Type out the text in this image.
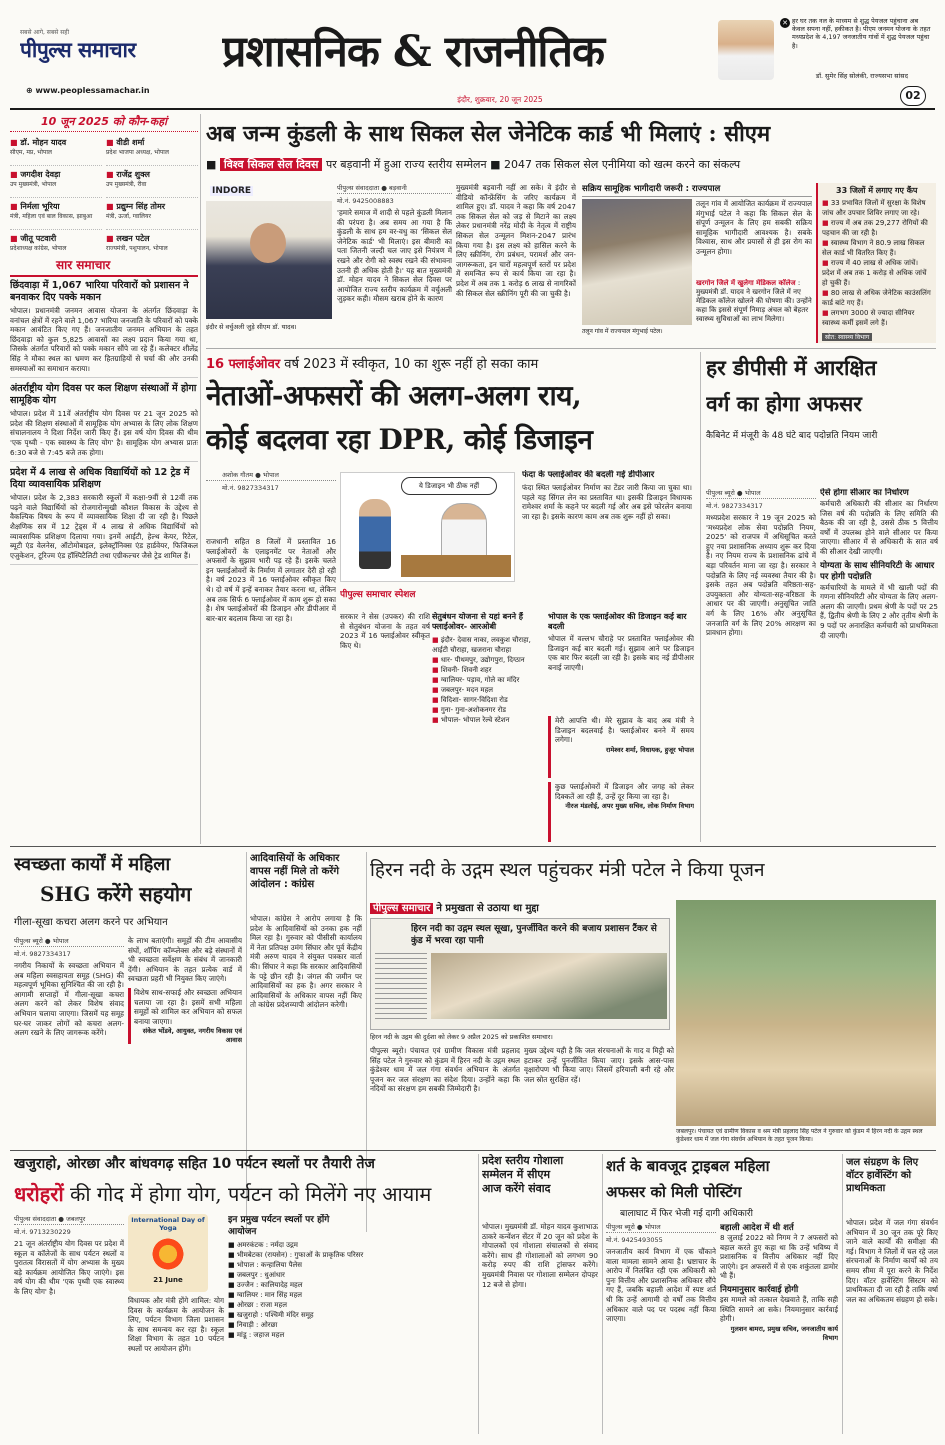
सबसे आगे, सबसे सही
पीपुल्स समाचार
⊕ www.peoplessamachar.in
प्रशासनिक & राजनीतिक
इंदौर, शुक्रवार, 20 जून 2025
✕ हर घर तक नल के माध्यम से शुद्ध पेयजल पहुंचाना अब केवल सपना नहीं, हकीकत है। पीएम जनमन योजना के तहत मध्यप्रदेश के 4,197 जनजातीय गांवों में शुद्ध पेयजल पहुंचा है।
डॉ. सुमेर सिंह सोलंकी, राज्यसभा सांसद
02
10 जून 2025 को कौन-कहां
■ डॉ. मोहन यादव
सीएम, मप्र, भोपाल
■ वीडी शर्मा
प्रदेश भाजपा अध्यक्ष, भोपाल
■ जगदीश देवड़ा
उप मुख्यमंत्री, भोपाल
■ राजेंद्र शुक्ल
उप मुख्यमंत्री, रीवा
■ निर्मला भूरिया
मंत्री, महिला एवं बाल विकास, झाबुआ
■ प्रद्युम्न सिंह तोमर
मंत्री, ऊर्जा, ग्वालियर
■ जीतू पटवारी
प्रदेशाध्यक्ष कांग्रेस, भोपाल
■ लखन पटेल
राज्यमंत्री, पशुपालन, भोपाल
सार समाचार
छिंदवाड़ा में 1,067 भारिया परिवारों को प्रशासन ने बनवाकर दिए पक्के मकान
भोपाल। प्रधानमंत्री जनमन आवास योजना के अंतर्गत छिंदवाड़ा के वनांचल क्षेत्रों में रहने वाले 1,067 भारिया जनजाति के परिवारों को पक्के मकान आवंटित किए गए हैं। जनजातीय जनमन अभियान के तहत छिंदवाड़ा को कुल 5,825 आवासों का लक्ष्य प्रदान किया गया था, जिसके अंतर्गत परिवारों को पक्के मकान सौंपे जा रहे हैं। कलेक्टर शीलेंद्र सिंह ने मौका स्थल का भ्रमण कर हितग्राहियों से चर्चा की और उनकी समस्याओं का समाधान कराया।
अंतर्राष्ट्रीय योग दिवस पर कल शिक्षण संस्थाओं में होगा सामूहिक योग
भोपाल। प्रदेश में 11वें अंतर्राष्ट्रीय योग दिवस पर 21 जून 2025 को प्रदेश की शिक्षण संस्थाओं में सामूहिक योग अभ्यास के लिए लोक शिक्षण संचालनालय ने दिशा निर्देश जारी किए हैं। इस वर्ष योग दिवस की थीम 'एक पृथ्वी - एक स्वास्थ्य के लिए योग' है। सामूहिक योग अभ्यास प्रातः 6:30 बजे से 7:45 बजे तक होगा।
प्रदेश में 4 लाख से अधिक विद्यार्थियों को 12 ट्रेड में दिया व्यावसायिक प्रशिक्षण
भोपाल। प्रदेश के 2,383 सरकारी स्कूलों में कक्षा-9वीं से 12वीं तक पढ़ने वाले विद्यार्थियों को रोजगारोन्मुखी कौशल विकास के उद्देश्य से वैकल्पिक विषय के रूप में व्यावसायिक शिक्षा दी जा रही है। पिछले शैक्षणिक सत्र में 12 ट्रेड्स में 4 लाख से अधिक विद्यार्थियों को व्यावसायिक प्रशिक्षण दिलाया गया। इनमें आईटी, हेल्थ केयर, रिटेल, ब्यूटी एंड वेलनेस, ऑटोमोबाइल, इलेक्ट्रॉनिक्स एंड हार्डवेयर, फिजिकल एजुकेशन, टूरिज्म एंड हॉस्पिटैलिटी तथा एग्रीकल्चर जैसे ट्रेड शामिल हैं।
अब जन्म कुंडली के साथ सिकल सेल जेनेटिक कार्ड भी मिलाएं : सीएम
■ विश्व सिकल सेल दिवस पर बड़वानी में हुआ राज्य स्तरीय सम्मेलन ■ 2047 तक सिकल सेल एनीमिया को खत्म करने का संकल्प
INDORE
इंदौर से वर्चुअली जुड़े सीएम डॉ. यादव।
पीपुल्स संवाददाता ● बड़वानी
मो.नं. 9425008883
'हमारे समाज में शादी से पहले कुंडली मिलान की परंपरा है। अब समय आ गया है कि कुंडली के साथ हम वर-वधु का 'सिकल सेल जेनेटिक कार्ड' भी मिलाएं। इस बीमारी का पता जितनी जल्दी चल जाए इसे नियंत्रण में रखने और रोगी को स्वस्थ रखने की संभावना उतनी ही अधिक होती है।' यह बात मुख्यमंत्री डॉ. मोहन यादव ने सिकल सेल दिवस पर आयोजित राज्य स्तरीय कार्यक्रम में वर्चुअली जुड़कर कही। मौसम खराब होने के कारण
मुख्यमंत्री बड़वानी नहीं आ सके। वे इंदौर से वीडियो कॉन्फ्रेंसिंग के जरिए कार्यक्रम में शामिल हुए। डॉ. यादव ने कहा कि वर्ष 2047 तक सिकल सेल को जड़ से मिटाने का लक्ष्य लेकर प्रधानमंत्री नरेंद्र मोदी के नेतृत्व में राष्ट्रीय सिकल सेल उन्मूलन मिशन-2047 प्रारंभ किया गया है। इस लक्ष्य को हासिल करने के लिए स्क्रीनिंग, रोग प्रबंधन, परामर्श और जन-जागरूकता, इन चारों महत्वपूर्ण स्तरों पर प्रदेश में समन्वित रूप से कार्य किया जा रहा है। प्रदेश में अब तक 1 करोड़ 6 लाख से नागरिकों की सिकल सेल स्क्रीनिंग पूरी की जा चुकी है।
सक्रिय सामूहिक भागीदारी जरूरी : राज्यपाल
तलून गांव में राज्यपाल मंगुभाई पटेल।
तलून गांव में आयोजित कार्यक्रम में राज्यपाल मंगुभाई पटेल ने कहा कि सिकल सेल के संपूर्ण उन्मूलन के लिए हम सबकी सक्रिय सामूहिक भागीदारी आवश्यक है। सबके विश्वास, साथ और प्रयासों से ही इस रोग का उन्मूलन होगा।
खरगोन जिले में खुलेगा मेडिकल कॉलेज : मुख्यमंत्री डॉ. यादव ने खरगोन जिले में नए मेडिकल कॉलेज खोलने की घोषणा की। उन्होंने कहा कि इससे संपूर्ण निमाड़ अंचल को बेहतर स्वास्थ्य सुविधाओं का लाभ मिलेगा।
33 जिलों में लगाए गए कैंप
■ 33 प्रभावित जिलों में सुरक्षा के विशेष जांच और उपचार शिविर लगाए जा रहे।
■ राज्य में अब तक 29,277 रोगियों की पहचान की जा रही है।
■ स्वास्थ्य विभाग ने 80.9 लाख सिकल सेल कार्ड भी वितरित किए हैं।
■ राज्य में 40 लाख से अधिक जांचें। प्रदेश में अब तक 1 करोड़ से अधिक जांचें हो चुकी हैं।
■ 80 लाख से अधिक जेनेटिक काउंसलिंग कार्ड बांटे गए हैं।
■ लगभग 3000 से ज्यादा सीनियर स्वास्थ्य कर्मी इसमें लगे हैं।
स्रोत: स्वास्थ्य विभाग
16 फ्लाईओवर वर्ष 2023 में स्वीकृत, 10 का शुरू नहीं हो सका काम
नेताओं-अफसरों की अलग-अलग राय,
कोई बदलवा रहा DPR, कोई डिजाइन
अशोक गौतम ● भोपाल
मो.नं. 9827334317
राजधानी सहित 8 जिलों में प्रस्तावित 16 फ्लाईओवरों के एलाइनमेंट पर नेताओं और अफसरों के सुझाव भारी पड़ रहे हैं। इसके चलते इन फ्लाईओवरों के निर्माण में लगातार देरी हो रही है। वर्ष 2023 में 16 फ्लाईओवर स्वीकृत किए थे। दो वर्ष में इन्हें बनाकर तैयार करना था, लेकिन अब तक सिर्फ 6 फ्लाईओवर में काम शुरू हो सका है। शेष फ्लाईओवरों की डिजाइन और डीपीआर में बार-बार बदलाव किया जा रहा है।
ये डिजाइन भी ठीक नहीं
पीपुल्स समाचार स्पेशल
सरकार ने सेस (उपकर) की राशि से सेतुबंधन योजना के तहत वर्ष 2023 में 16 फ्लाईओवर स्वीकृत किए थे।
सेतुबंधन योजना से यहां बनने हैं फ्लाईओवर- आरओबी
■ इंदौर- देवास नाका, लवकुश चौराहा, आईटी चौराहा, खजराना चौराहा
■ धार- पीथमपुर, उद्योगपुरा, दिग्ठान
■ शिवनी- शिवनी शहर
■ ग्वालियर- पड़ाव, गोले का मंदिर
■ जबलपुर- मदन महल
■ विदिशा- सागर-विदिशा रोड
■ गुना- गुना-अशोकनगर रोड
■ भोपाल- भोपाल रेल्वे स्टेशन
फंदा के फ्लाईओवर की बदली गई डीपीआर
फंदा स्थित फ्लाईओवर निर्माण का टेंडर जारी किया जा चुका था। पहले यह सिंगल लेन का प्रस्तावित था। इसकी डिजाइन विधायक रामेश्वर शर्मा के कहने पर बदली गई और अब इसे फोरलेन बनाया जा रहा है। इसके कारण काम अब तक शुरू नहीं हो सका।
भोपाल के एक फ्लाईओवर की डिजाइन कई बार बदली
भोपाल में वल्लभ चौराहे पर प्रस्तावित फ्लाईओवर की डिजाइन कई बार बदली गई। सुझाव आने पर डिजाइन एक बार फिर बदली जा रही है। इसके बाद नई डीपीआर बनाई जाएगी।
मेरी आपत्ति थी। मेरे सुझाव के बाद अब मंत्री ने डिजाइन बदलवाई है। फ्लाईओवर बनने में समय लगेगा।
रामेश्वर शर्मा, विधायक, हुजूर भोपाल
कुछ फ्लाईओवरों में डिजाइन और जगह को लेकर दिक्कतें आ रही हैं, उन्हें दूर किया जा रहा है।
नीरज मंडलोई, अपर मुख्य सचिव, लोक निर्माण विभाग
हर डीपीसी में आरक्षित
वर्ग का होगा अफसर
कैबिनेट में मंजूरी के 48 घंटे बाद पदोन्नति नियम जारी
पीपुल्स ब्यूरो ● भोपाल
मो.नं. 9827334317
मध्यप्रदेश सरकार ने 19 जून 2025 को 'मध्यप्रदेश लोक सेवा पदोन्नति नियम, 2025' को राजपत्र में अधिसूचित करते हुए नया प्रशासनिक अध्याय शुरू कर दिया है। नए नियम राज्य के प्रशासनिक ढांचे में बड़ा परिवर्तन माना जा रहा है। सरकार ने पदोन्नति के लिए नई व्यवस्था तैयार की है। इसके तहत अब पदोन्नति वरिष्ठता-सह-उपयुक्तता और योग्यता-सह-वरिष्ठता के आधार पर की जाएगी। अनुसूचित जाति वर्ग के लिए 16% और अनुसूचित जनजाति वर्ग के लिए 20% आरक्षण का प्रावधान होगा।
ऐसे होगा सीआर का निर्धारण
कर्मचारी अधिकारी की सीआर का निर्धारण जिस वर्ष की पदोन्नति के लिए समिति की बैठक की जा रही है, उससे ठीक 5 वित्तीय वर्षों में उपलब्ध होने वाले सीआर पर किया जाएगा। सीआर में से अधिकारी के सात वर्ष की सीआर देखी जाएगी।
योग्यता के साथ सीनियरिटी के आधार पर होगी पदोन्नति
कर्मचारियों के मामले में भी खाली पदों की गणना सीनियरिटी और योग्यता के लिए अलग-अलग की जाएगी। प्रथम श्रेणी के पदों पर 25 हैं, द्वितीय श्रेणी के लिए 2 और तृतीय श्रेणी के 9 पदों पर अनारक्षित कर्मचारी को प्राथमिकता दी जाएगी।
स्वच्छता कार्यों में महिला
SHG करेंगे सहयोग
गीला-सूखा कचरा अलग करने पर अभियान
पीपुल्स ब्यूरो ● भोपाल
मो.नं. 9827334317
नगरीय निकायों के स्वच्छता अभियान में अब महिला स्वसहायता समूह (SHG) की महत्वपूर्ण भूमिका सुनिश्चित की जा रही है। आगामी सप्ताहों में गीला-सूखा कचरा अलग करने को लेकर विशेष संवाद अभियान चलाया जाएगा। जिसमें यह समूह घर-घर जाकर लोगों को कचरा अलग-अलग रखने के लिए जागरूक करेंगे।
के लाभ बताएंगी। समूहों की टीम आवासीय संघों, शॉपिंग कॉम्प्लेक्स और बड़े संस्थानों में भी स्वच्छता सर्वेक्षण के संबंध में जानकारी देंगी। अभियान के तहत प्रत्येक वार्ड में स्वच्छता प्रहरी भी नियुक्त किए जाएंगे।
विशेष साथ-सफाई और स्वच्छता अभियान चलाया जा रहा है। इसमें सभी महिला समूहों को शामिल कर अभियान को सफल बनाया जाएगा।
संकेत भोंडवे, आयुक्त, नगरीय विकास एवं आवास
आदिवासियों के अधिकार
वापस नहीं मिले तो करेंगे
आंदोलन : कांग्रेस
भोपाल। कांग्रेस ने आरोप लगाया है कि प्रदेश के आदिवासियों को उनका हक नहीं मिल रहा है। गुरुवार को पीसीसी कार्यालय में नेता प्रतिपक्ष उमंग सिंघार और पूर्व केंद्रीय मंत्री अरुण यादव ने संयुक्त पत्रकार वार्ता की। सिंघार ने कहा कि सरकार आदिवासियों के पट्टे छीन रही है। जंगल की जमीन पर आदिवासियों का हक है। अगर सरकार ने आदिवासियों के अधिकार वापस नहीं किए तो कांग्रेस प्रदेशव्यापी आंदोलन करेगी।
हिरन नदी के उद्गम स्थल पहुंचकर मंत्री पटेल ने किया पूजन
पीपुल्स समाचार ने प्रमुखता से उठाया था मुद्दा
हिरन नदी का उद्गम स्थल सूखा, पुनर्जीवित करने की बजाय प्रशासन टैंकर से कुंड में भरवा रहा पानी
हिरन नदी के उद्गम की दुर्दशा को लेकर 9 अप्रैल 2025 को प्रकाशित समाचार।
पीपुल्स ब्यूरो। पंचायत एवं ग्रामीण विकास मंत्री प्रहलाद सिंह पटेल ने गुरुवार को कुंडम में हिरन नदी के उद्गम स्थल कुंडेश्वर धाम में जल गंगा संवर्धन अभियान के अंतर्गत पूजन कर जल संरक्षण का संदेश दिया। उन्होंने कहा कि नदियों का संरक्षण हम सबकी जिम्मेदारी है।
मुख्य उद्देश्य यही है कि जल संरचनाओं के गाद व मिट्टी को हटाकर उन्हें पुनर्जीवित किया जाए। इसके आस-पास वृक्षारोपण भी किया जाए। जिसमें हरियाली बनी रहे और जल स्रोत सुरक्षित रहें।
जबलपुर। पंचायत एवं ग्रामीण विकास व श्रम मंत्री प्रहलाद सिंह पटेल ने गुरुवार को कुंडम में हिरन नदी के उद्गम स्थल कुंडेश्वर धाम में जल गंगा संवर्धन अभियान के तहत पूजन किया।
खजुराहो, ओरछा और बांधवगढ़ सहित 10 पर्यटन स्थलों पर तैयारी तेज
धरोहरों की गोद में होगा योग, पर्यटन को मिलेंगे नए आयाम
पीपुल्स संवाददाता ● जबलपुर
मो.नं. 9713230229
21 जून अंतर्राष्ट्रीय योग दिवस पर प्रदेश में स्कूल व कॉलेजों के साथ पर्यटन स्थलों व पुरातत्व विरासतों में योग अभ्यास के मुख्य बड़े कार्यक्रम आयोजित किए जाएंगे। इस वर्ष योग की थीम 'एक पृथ्वी एक स्वास्थ्य के लिए योग' है।
International Day of Yoga
21 June
विधायक और मंत्री होंगे शामिल: योग दिवस के कार्यक्रम के आयोजन के लिए, पर्यटन विभाग जिला प्रशासन के साथ समन्वय कर रहा है। स्कूल शिक्षा विभाग के तहत 10 पर्यटन स्थलों पर आयोजन होंगे।
इन प्रमुख पर्यटन स्थलों पर होंगे आयोजन
■ अमरकंटक : नर्मदा उद्गम
■ भीमबेटका (रायसेन) : गुफाओं के प्राकृतिक परिसर
■ भोपाल : कन्हालिया पैलेस
■ जबलपुर : धुआंधार
■ उज्जैन : कालियादेह महल
■ ग्वालियर : मान सिंह महल
■ ओरछा : राजा महल
■ खजुराहो : पश्चिमी मंदिर समूह
■ निवाड़ी : ओरछा
■ मांडू : जहाज महल
प्रदेश स्तरीय गोशाला
सम्मेलन में सीएम
आज करेंगे संवाद
भोपाल। मुख्यमंत्री डॉ. मोहन यादव कुशाभाऊ ठाकरे कन्वेंशन सेंटर में 20 जून को प्रदेश के गोपालकों एवं गोशाला संचालकों से संवाद करेंगे। साथ ही गोशालाओं को लगभग 90 करोड़ रुपए की राशि ट्रांसफर करेंगे। मुख्यमंत्री निवास पर गोशाला सम्मेलन दोपहर 12 बजे से होगा।
शर्त के बावजूद ट्राइबल महिला
अफसर को मिली पोस्टिंग
बालाघाट में फिर भेजी गई दागी अधिकारी
पीपुल्स ब्यूरो ● भोपाल
मो.नं. 9425493055
जनजातीय कार्य विभाग में एक चौंकाने वाला मामला सामने आया है। भ्रष्टाचार के आरोप में निलंबित रही एक अधिकारी को पुनः वित्तीय और प्रशासनिक अधिकार सौंपे गए हैं, जबकि बहाली आदेश में स्पष्ट शर्त थी कि उन्हें आगामी दो वर्षों तक वित्तीय अधिकार वाले पद पर पदस्थ नहीं किया जाएगा।
बहाली आदेश में थी शर्त
8 जुलाई 2022 को निगम ने 7 अफसरों को बहाल करते हुए कहा था कि उन्हें भविष्य में प्रशासनिक व वित्तीय अधिकार नहीं दिए जाएंगे। इन अफसरों में से एक शकुंतला डामोर भी हैं।
नियमानुसार कार्रवाई होगी
इस मामले को तत्काल देखवाते हैं, ताकि सही स्थिति सामने आ सके। नियमानुसार कार्रवाई होगी।
गुलशन बामरा, प्रमुख सचिव, जनजातीय कार्य विभाग
जल संग्रहण के लिए
वॉटर हार्वेस्टिंग को
प्राथमिकता
भोपाल। प्रदेश में जल गंगा संवर्धन अभियान में 30 जून तक पूरे किए जाने वाले कार्यों की समीक्षा की गई। विभाग ने जिलों में चल रहे जल संरचनाओं के निर्माण कार्यों को तय समय सीमा में पूरा करने के निर्देश दिए। वॉटर हार्वेस्टिंग सिस्टम को प्राथमिकता दी जा रही है ताकि वर्षा जल का अधिकतम संग्रहण हो सके।
